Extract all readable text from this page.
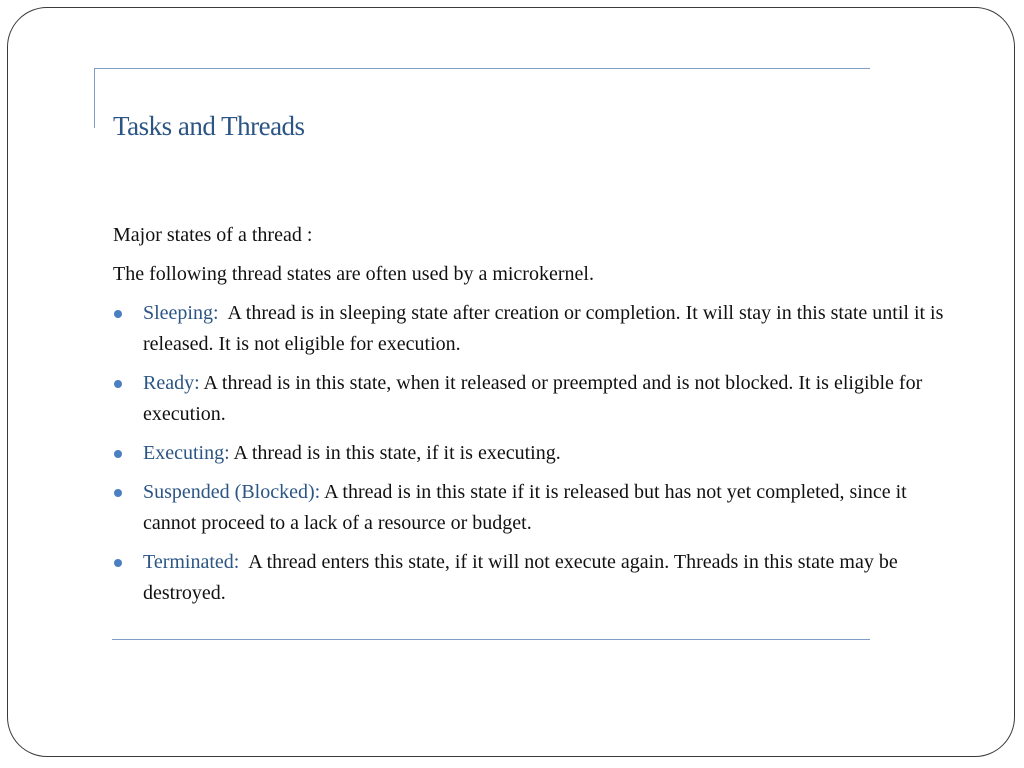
Tasks and Threads

Major states of a thread :

The following thread states are often used by a microkernel.

Sleeping:  A thread is in sleeping state after creation or completion. It will stay in this state until it is released. It is not eligible for execution.
Ready: A thread is in this state, when it released or preempted and is not blocked. It is eligible for execution.
Executing: A thread is in this state, if it is executing.
Suspended (Blocked): A thread is in this state if it is released but has not yet completed, since it cannot proceed to a lack of a resource or budget.
Terminated:  A thread enters this state, if it will not execute again. Threads in this state may be destroyed.
